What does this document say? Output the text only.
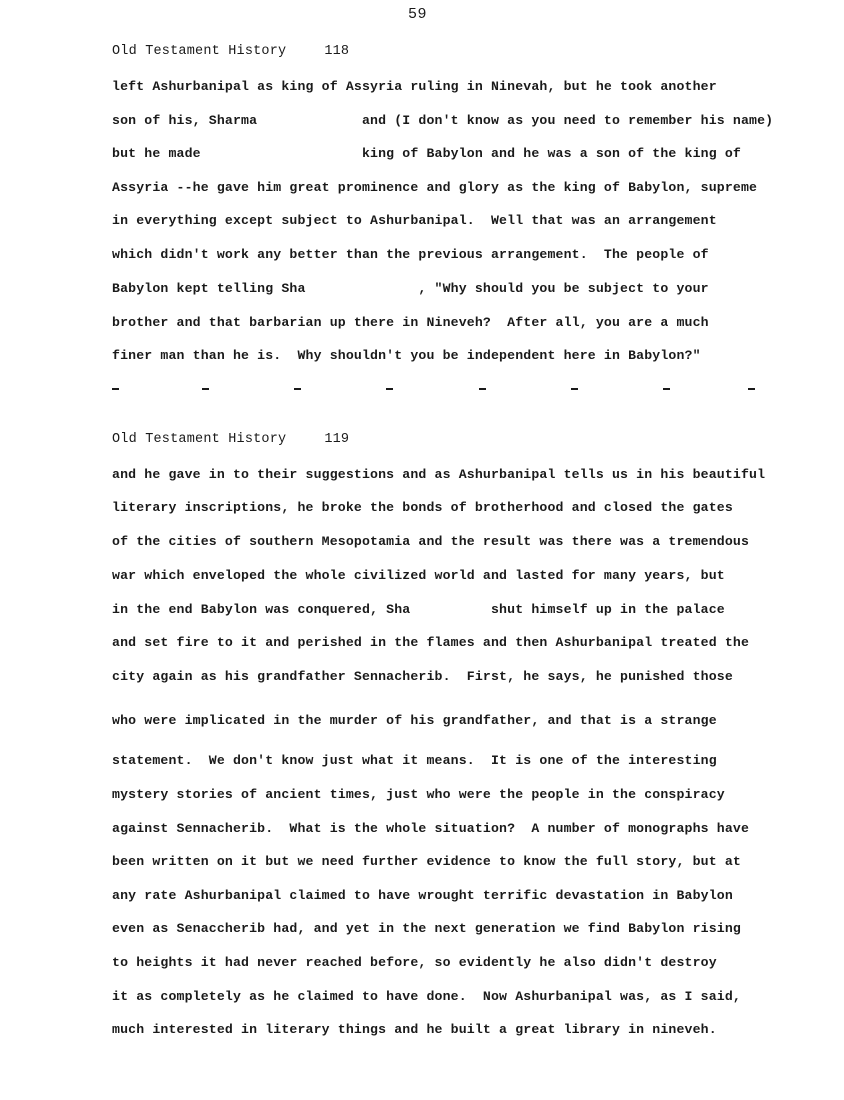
59
Old Testament History	118
left Ashurbanipal as king of Assyria ruling in Ninevah, but he took another
son of his, Sharma             and (I don't know as you need to remember his name)
but he made                    king of Babylon and he was a son of the king of
Assyria --he gave him great prominence and glory as the king of Babylon, supreme
in everything except subject to Ashurbanipal.  Well that was an arrangement
which didn't work any better than the previous arrangement.  The people of
Babylon kept telling Sha              , "Why should you be subject to your
brother and that barbarian up there in Nineveh?  After all, you are a much
finer man than he is.  Why shouldn't you be independent here in Babylon?"
Old Testament History	119
and he gave in to their suggestions and as Ashurbanipal tells us in his beautiful
literary inscriptions, he broke the bonds of brotherhood and closed the gates
of the cities of southern Mesopotamia and the result was there was a tremendous
war which enveloped the whole civilized world and lasted for many years, but
in the end Babylon was conquered, Sha          shut himself up in the palace
and set fire to it and perished in the flames and then Ashurbanipal treated the
city again as his grandfather Sennacherib.  First, he says, he punished those
who were implicated in the murder of his grandfather, and that is a strange
statement.  We don't know just what it means.  It is one of the interesting
mystery stories of ancient times, just who were the people in the conspiracy
against Sennacherib.  What is the whole situation?  A number of monographs have
been written on it but we need further evidence to know the full story, but at
any rate Ashurbanipal claimed to have wrought terrific devastation in Babylon
even as Senaccherib had, and yet in the next generation we find Babylon rising
to heights it had never reached before, so evidently he also didn't destroy
it as completely as he claimed to have done.  Now Ashurbanipal was, as I said,
much interested in literary things and he built a great library in nineveh.
